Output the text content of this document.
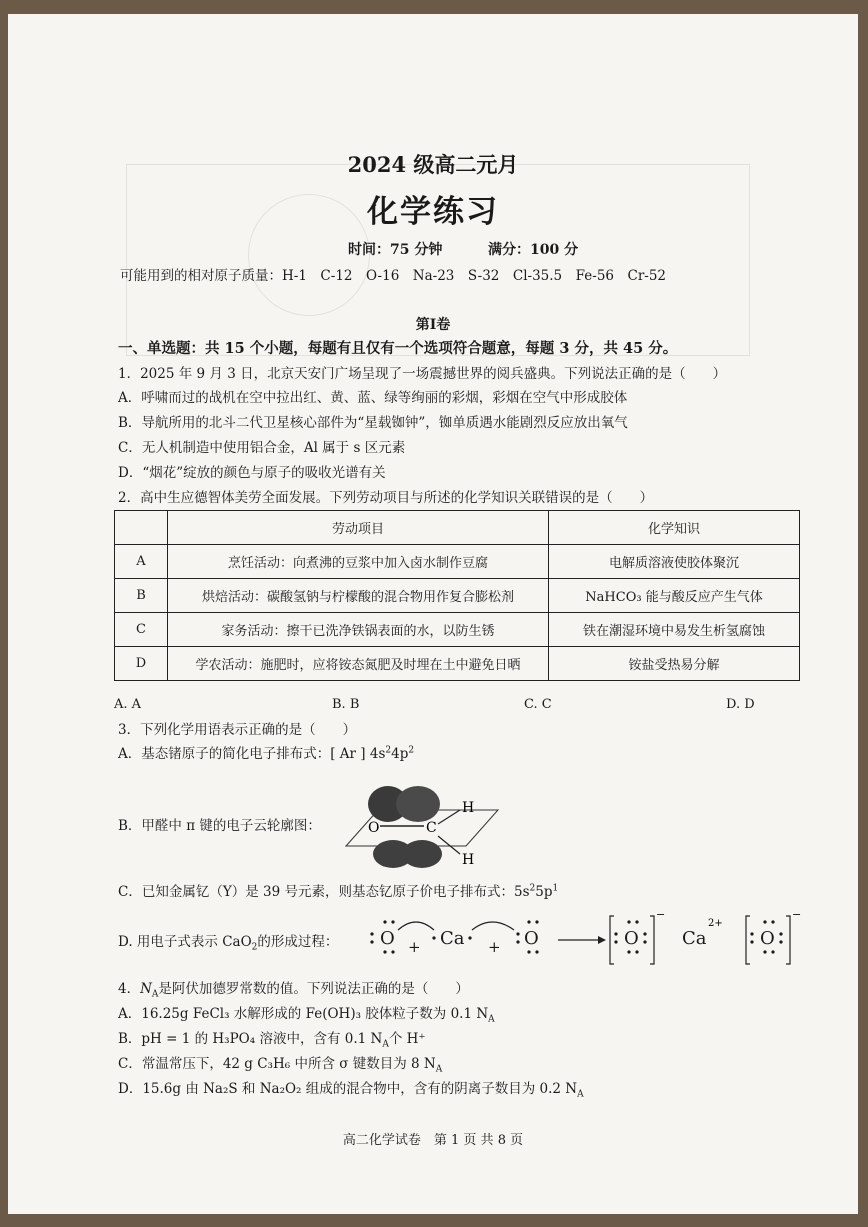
2024 级高二元月
化学练习
时间：75 分钟	满分：100 分
可能用到的相对原子质量：H-1　C-12　O-16　Na-23　S-32　Cl-35.5　Fe-56　Cr-52
第Ⅰ卷
一、单选题：共 15 个小题，每题有且仅有一个选项符合题意，每题 3 分，共 45 分。
1．2025 年 9 月 3 日，北京天安门广场呈现了一场震撼世界的阅兵盛典。下列说法正确的是（　　）
A．呼啸而过的战机在空中拉出红、黄、蓝、绿等绚丽的彩烟，彩烟在空气中形成胶体
B．导航所用的北斗二代卫星核心部件为“星载铷钟”，铷单质遇水能剧烈反应放出氧气
C．无人机制造中使用铝合金，Al 属于 s 区元素
D．“烟花”绽放的颜色与原子的吸收光谱有关
2．高中生应德智体美劳全面发展。下列劳动项目与所述的化学知识关联错误的是（　　）
	劳动项目	化学知识
A	烹饪活动：向煮沸的豆浆中加入卤水制作豆腐	电解质溶液使胶体聚沉
B	烘焙活动：碳酸氢钠与柠檬酸的混合物用作复合膨松剂	NaHCO₃ 能与酸反应产生气体
C	家务活动：擦干已洗净铁锅表面的水，以防生锈	铁在潮湿环境中易发生析氢腐蚀
D	学农活动：施肥时，应将铵态氮肥及时埋在土中避免日晒	铵盐受热易分解
A. A	B. B	C. C	D. D
3．下列化学用语表示正确的是（　　）
A．基态锗原子的简化电子排布式：[ Ar ] $4s^24p^2$
B．甲醛中 π 键的电子云轮廓图：	O	C
H
H
C．已知金属钇（Y）是 39 号元素，则基态钇原子价电子排布式：$5s^25p^1$
D. 用电子式表示 CaO$_2$的形成过程： O + Ca + O	O Ca	O
−
2+
−
4．$N_A$是阿伏加德罗常数的值。下列说法正确的是（　　）
A．16.25g FeCl₃ 水解形成的 Fe(OH)₃ 胶体粒子数为 0.1 $N_A$
B．pH = 1 的 H₃PO₄ 溶液中，含有 0.1 $N_A$个 H⁺
C．常温常压下，42 g C₃H₆ 中所含 σ 键数目为 8 $N_A$
D．15.6g 由 Na₂S 和 Na₂O₂ 组成的混合物中，含有的阴离子数目为 0.2 $N_A$
高二化学试卷　第 1 页 共 8 页
